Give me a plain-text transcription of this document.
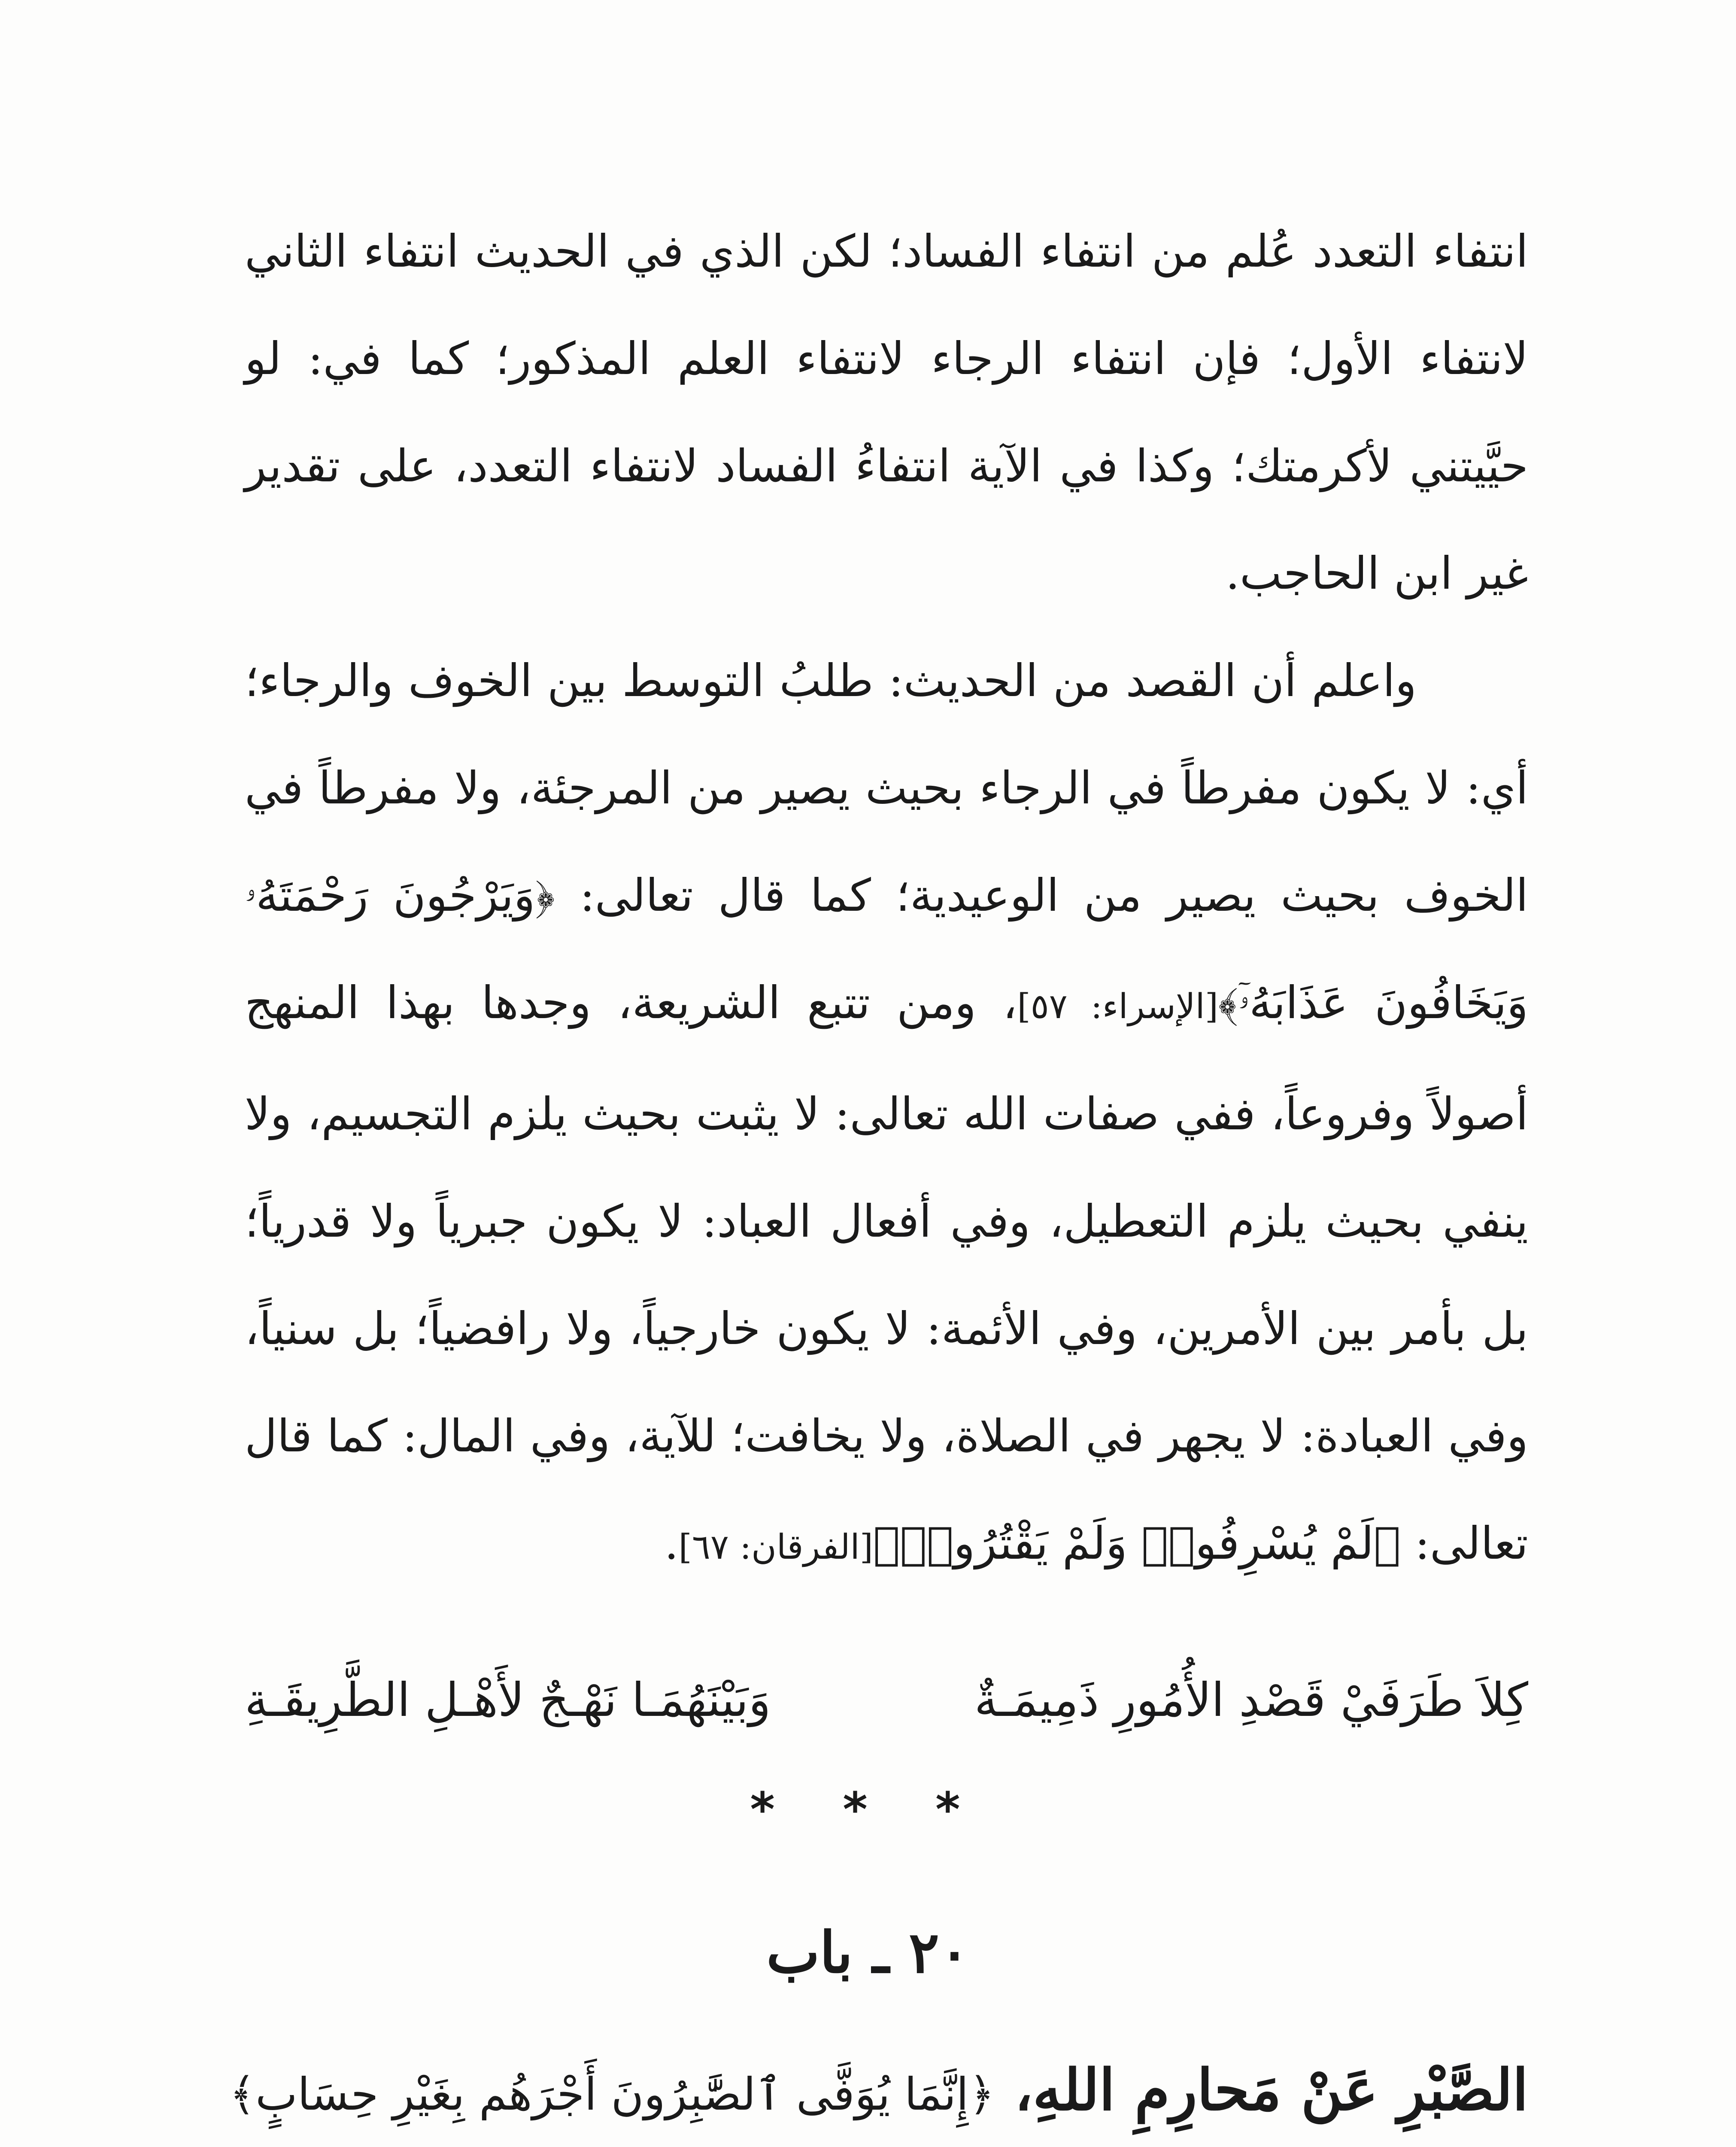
انتفاء التعدد عُلم من انتفاء الفساد؛ لكن الذي في الحديث انتفاء الثاني لانتفاء الأول؛ فإن انتفاء الرجاء لانتفاء العلم المذكور؛ كما في: لو حيَّيتني لأكرمتك؛ وكذا في الآية انتفاءُ الفساد لانتفاء التعدد، على تقدير غير ابن الحاجب.
واعلم أن القصد من الحديث: طلبُ التوسط بين الخوف والرجاء؛ أي: لا يكون مفرطاً في الرجاء بحيث يصير من المرجئة، ولا مفرطاً في الخوف بحيث يصير من الوعيدية؛ كما قال تعالى: ﴿وَيَرْجُونَ رَحْمَتَهُۥ وَيَخَافُونَ عَذَابَهُۥٓ﴾[الإسراء: ٥٧]، ومن تتبع الشريعة، وجدها بهذا المنهج أصولاً وفروعاً، ففي صفات الله تعالى: لا يثبت بحيث يلزم التجسيم، ولا ينفي بحيث يلزم التعطيل، وفي أفعال العباد: لا يكون جبرياً ولا قدرياً؛ بل بأمر بين الأمرين، وفي الأئمة: لا يكون خارجياً، ولا رافضياً؛ بل سنياً، وفي العبادة: لا يجهر في الصلاة، ولا يخافت؛ للآية، وفي المال: كما قال تعالى: ﴿لَمْ يُسْرِفُوا۟ وَلَمْ يَقْتُرُوا۟﴾[الفرقان: ٦٧].
كِلاَ طَرَفَيْ قَصْدِ الأُمُورِ ذَمِيمَـةٌ
وَبَيْنَهُمَـا نَهْـجٌ لأَهْـلِ الطَّرِيقَـةِ
* * *
٢٠ ـ باب
الصَّبْرِ عَنْ مَحارِمِ اللهِ، ﴿إِنَّمَا يُوَفَّى ٱلصَّٰبِرُونَ أَجْرَهُم بِغَيْرِ حِسَابٍ﴾
